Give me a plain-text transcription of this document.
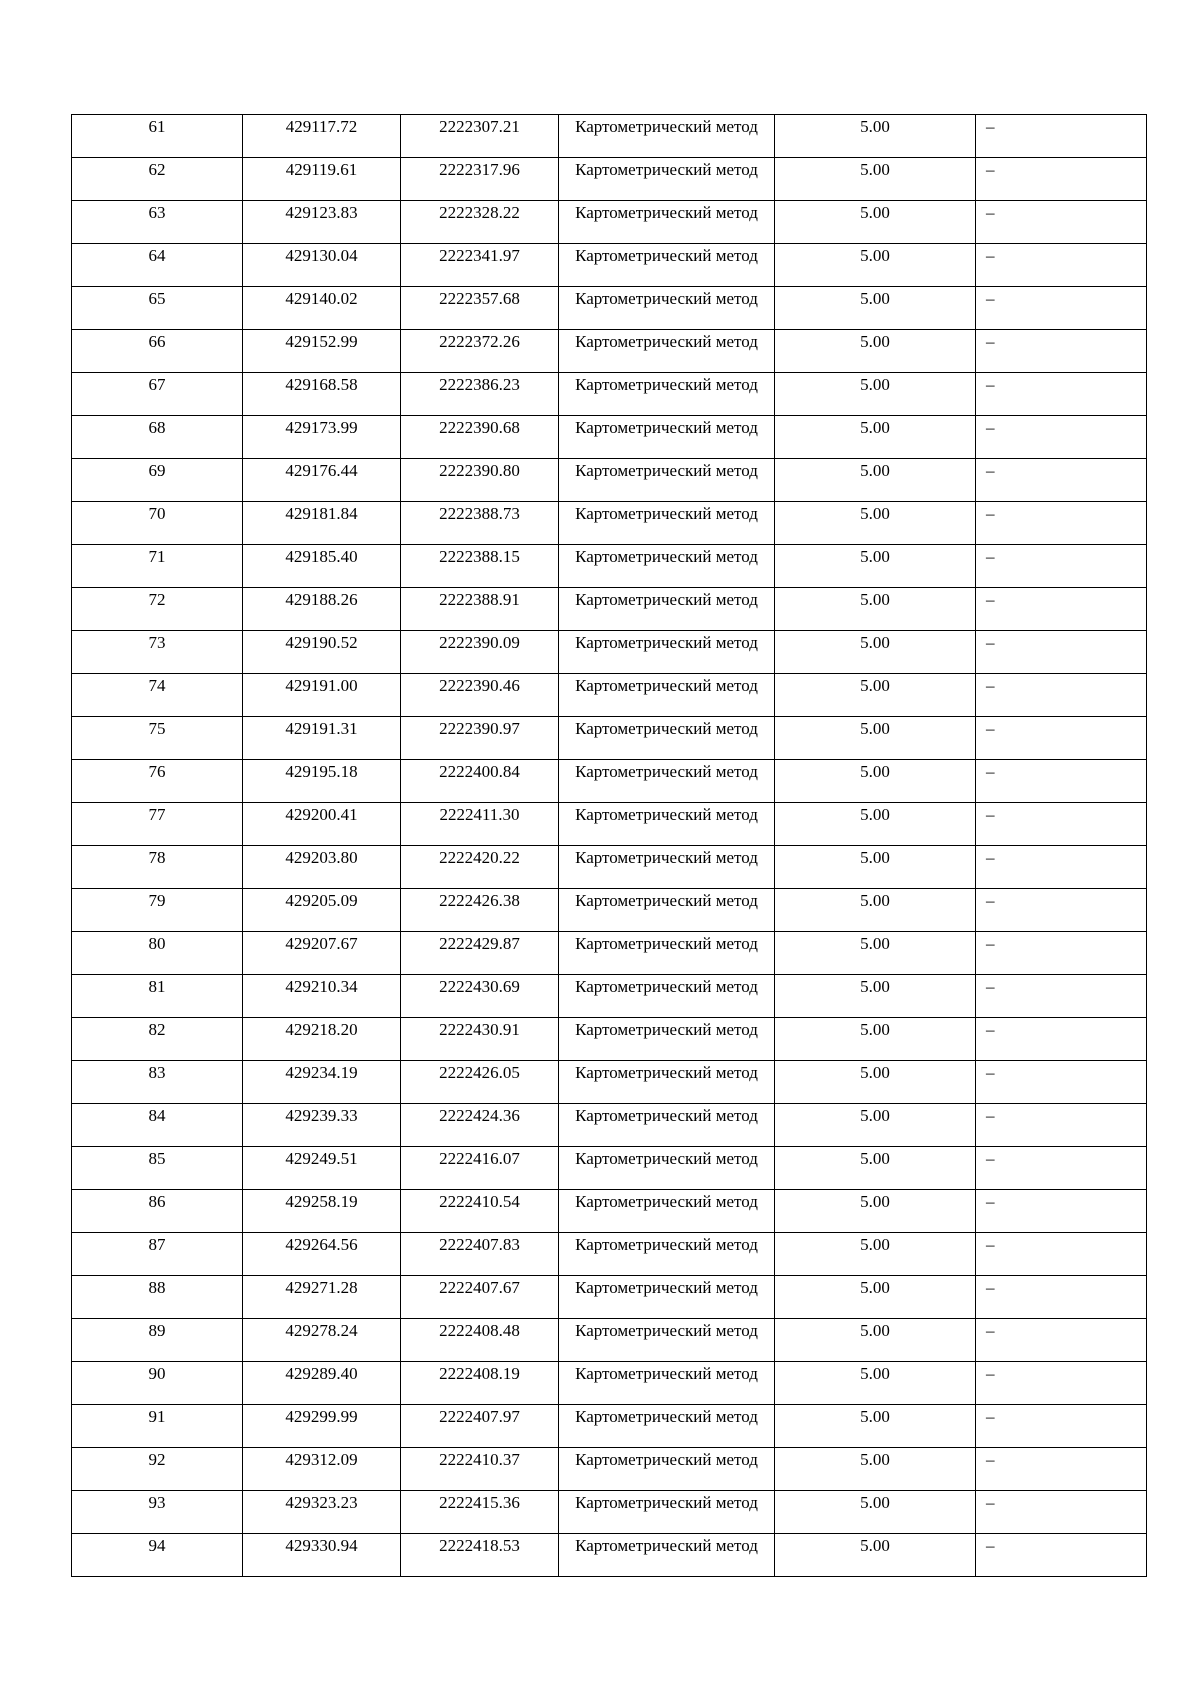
61	429117.72	2222307.21	Картометрический метод	5.00	–

62	429119.61	2222317.96	Картометрический метод	5.00	–

63	429123.83	2222328.22	Картометрический метод	5.00	–

64	429130.04	2222341.97	Картометрический метод	5.00	–

65	429140.02	2222357.68	Картометрический метод	5.00	–

66	429152.99	2222372.26	Картометрический метод	5.00	–

67	429168.58	2222386.23	Картометрический метод	5.00	–

68	429173.99	2222390.68	Картометрический метод	5.00	–

69	429176.44	2222390.80	Картометрический метод	5.00	–

70	429181.84	2222388.73	Картометрический метод	5.00	–

71	429185.40	2222388.15	Картометрический метод	5.00	–

72	429188.26	2222388.91	Картометрический метод	5.00	–

73	429190.52	2222390.09	Картометрический метод	5.00	–

74	429191.00	2222390.46	Картометрический метод	5.00	–

75	429191.31	2222390.97	Картометрический метод	5.00	–

76	429195.18	2222400.84	Картометрический метод	5.00	–

77	429200.41	2222411.30	Картометрический метод	5.00	–

78	429203.80	2222420.22	Картометрический метод	5.00	–

79	429205.09	2222426.38	Картометрический метод	5.00	–

80	429207.67	2222429.87	Картометрический метод	5.00	–

81	429210.34	2222430.69	Картометрический метод	5.00	–

82	429218.20	2222430.91	Картометрический метод	5.00	–

83	429234.19	2222426.05	Картометрический метод	5.00	–

84	429239.33	2222424.36	Картометрический метод	5.00	–

85	429249.51	2222416.07	Картометрический метод	5.00	–

86	429258.19	2222410.54	Картометрический метод	5.00	–

87	429264.56	2222407.83	Картометрический метод	5.00	–

88	429271.28	2222407.67	Картометрический метод	5.00	–

89	429278.24	2222408.48	Картометрический метод	5.00	–

90	429289.40	2222408.19	Картометрический метод	5.00	–

91	429299.99	2222407.97	Картометрический метод	5.00	–

92	429312.09	2222410.37	Картометрический метод	5.00	–

93	429323.23	2222415.36	Картометрический метод	5.00	–

94	429330.94	2222418.53	Картометрический метод	5.00	–
